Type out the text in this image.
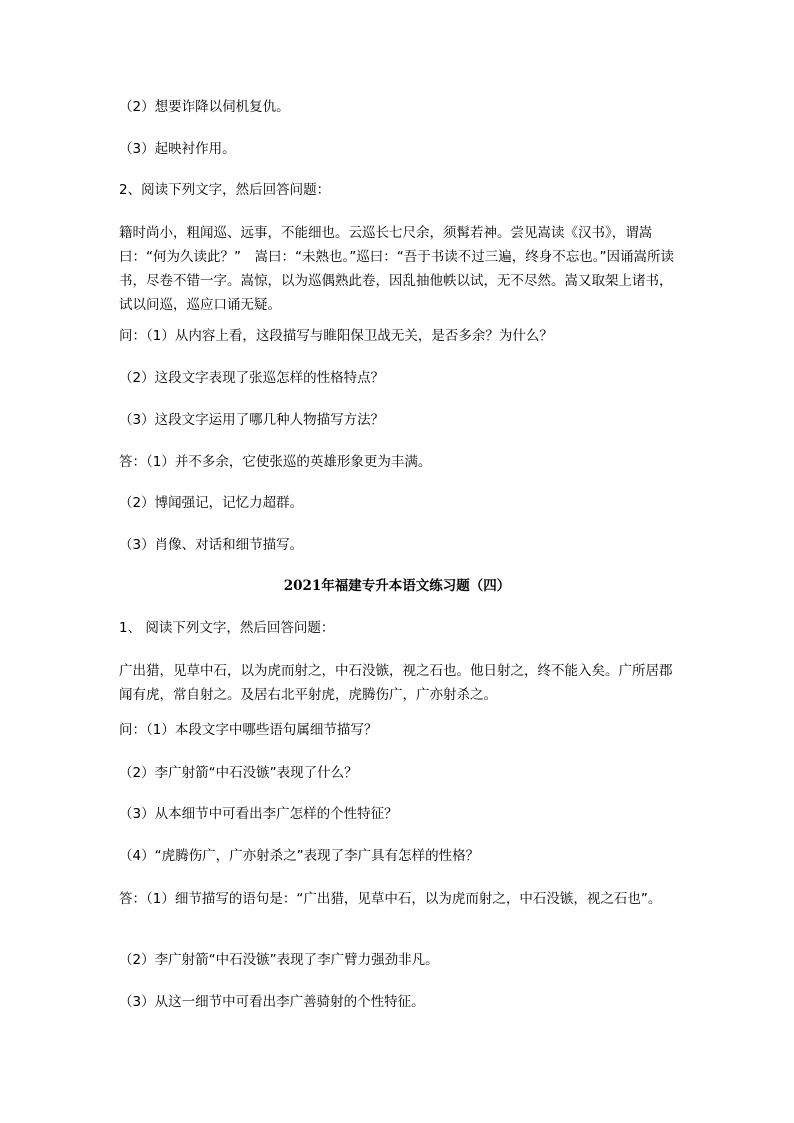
（2）想要诈降以伺机复仇。

（3）起映衬作用。

2、阅读下列文字，然后回答问题：

籍时尚小，粗闻巡、远事，不能细也。云巡长七尺余，须髯若神。尝见嵩读《汉书》，谓嵩曰：“何为久读此？”　嵩曰：“未熟也。”巡曰：“吾于书读不过三遍，终身不忘也。”因诵嵩所读书，尽卷不错一字。嵩惊，以为巡偶熟此卷，因乱抽他帙以试，无不尽然。嵩又取架上诸书，试以问巡，巡应口诵无疑。

问：（1）从内容上看，这段描写与睢阳保卫战无关，是否多余？为什么？

（2）这段文字表现了张巡怎样的性格特点？

（3）这段文字运用了哪几种人物描写方法？

答：（1）并不多余，它使张巡的英雄形象更为丰满。

（2）博闻强记，记忆力超群。

（3）肖像、对话和细节描写。

2021年福建专升本语文练习题（四）

1、 阅读下列文字，然后回答问题：

广出猎，见草中石，以为虎而射之，中石没镞，视之石也。他日射之，终不能入矣。广所居郡闻有虎，常自射之。及居右北平射虎，虎腾伤广，广亦射杀之。

问：（1）本段文字中哪些语句属细节描写？

（2）李广射箭“中石没镞”表现了什么？

（3）从本细节中可看出李广怎样的个性特征？

（4）“虎腾伤广，广亦射杀之”表现了李广具有怎样的性格？

答：（1）细节描写的语句是：“广出猎，见草中石，以为虎而射之，中石没镞，视之石也”。

（2）李广射箭“中石没镞”表现了李广臂力强劲非凡。

（3）从这一细节中可看出李广善骑射的个性特征。
